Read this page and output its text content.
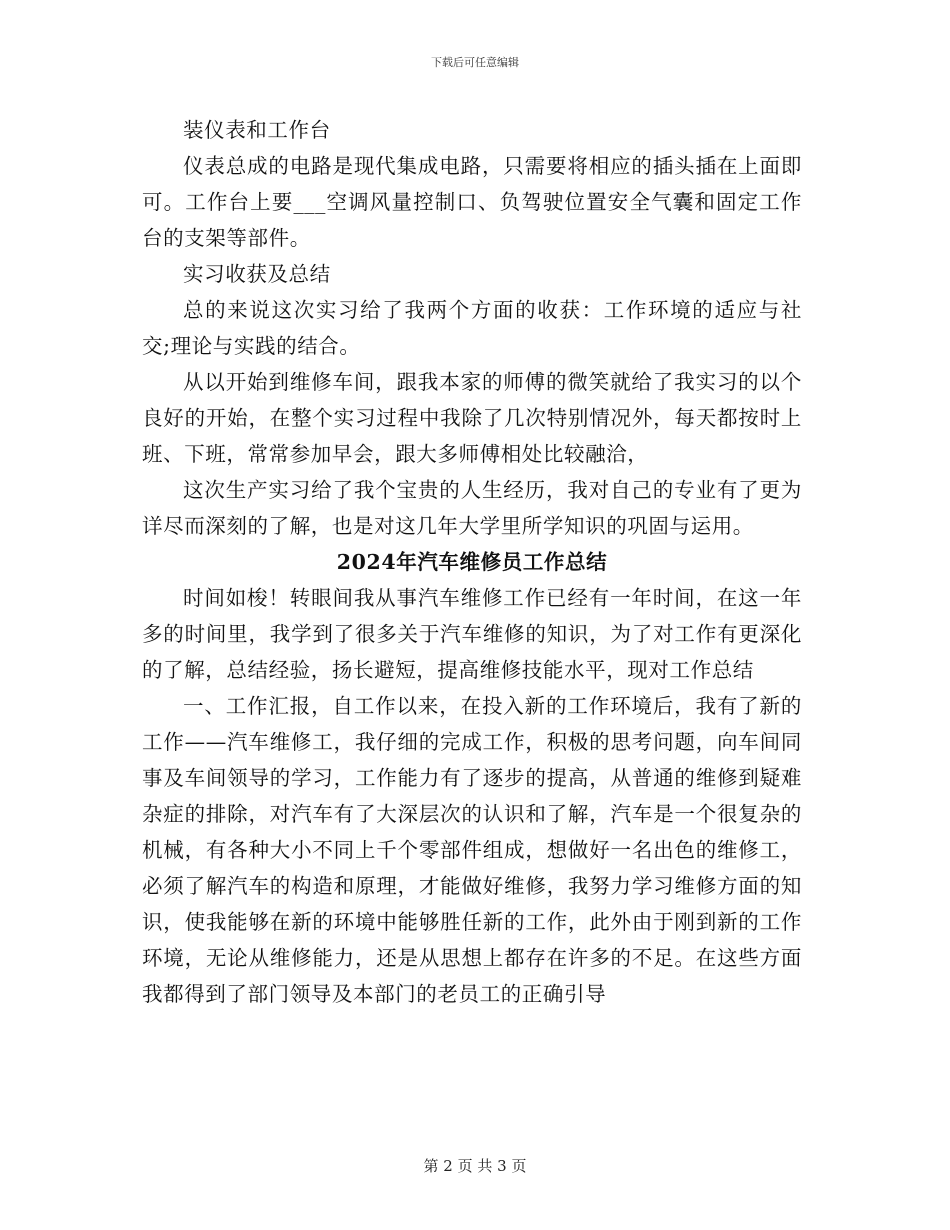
下载后可任意编辑

装仪表和工作台

仪表总成的电路是现代集成电路，只需要将相应的插头插在上面即可。工作台上要___空调风量控制口、负驾驶位置安全气囊和固定工作台的支架等部件。

实习收获及总结

总的来说这次实习给了我两个方面的收获：工作环境的适应与社交;理论与实践的结合。

从以开始到维修车间，跟我本家的师傅的微笑就给了我实习的以个良好的开始，在整个实习过程中我除了几次特别情况外，每天都按时上班、下班，常常参加早会，跟大多师傅相处比较融洽，

这次生产实习给了我个宝贵的人生经历，我对自己的专业有了更为详尽而深刻的了解，也是对这几年大学里所学知识的巩固与运用。

2024年汽车维修员工作总结

时间如梭！转眼间我从事汽车维修工作已经有一年时间，在这一年多的时间里，我学到了很多关于汽车维修的知识，为了对工作有更深化的了解，总结经验，扬长避短，提高维修技能水平，现对工作总结

一、工作汇报，自工作以来，在投入新的工作环境后，我有了新的工作——汽车维修工，我仔细的完成工作，积极的思考问题，向车间同事及车间领导的学习，工作能力有了逐步的提高，从普通的维修到疑难杂症的排除，对汽车有了大深层次的认识和了解，汽车是一个很复杂的机械，有各种大小不同上千个零部件组成，想做好一名出色的维修工，必须了解汽车的构造和原理，才能做好维修，我努力学习维修方面的知识，使我能够在新的环境中能够胜任新的工作，此外由于刚到新的工作环境，无论从维修能力，还是从思想上都存在许多的不足。在这些方面我都得到了部门领导及本部门的老员工的正确引导

第 2 页 共 3 页
